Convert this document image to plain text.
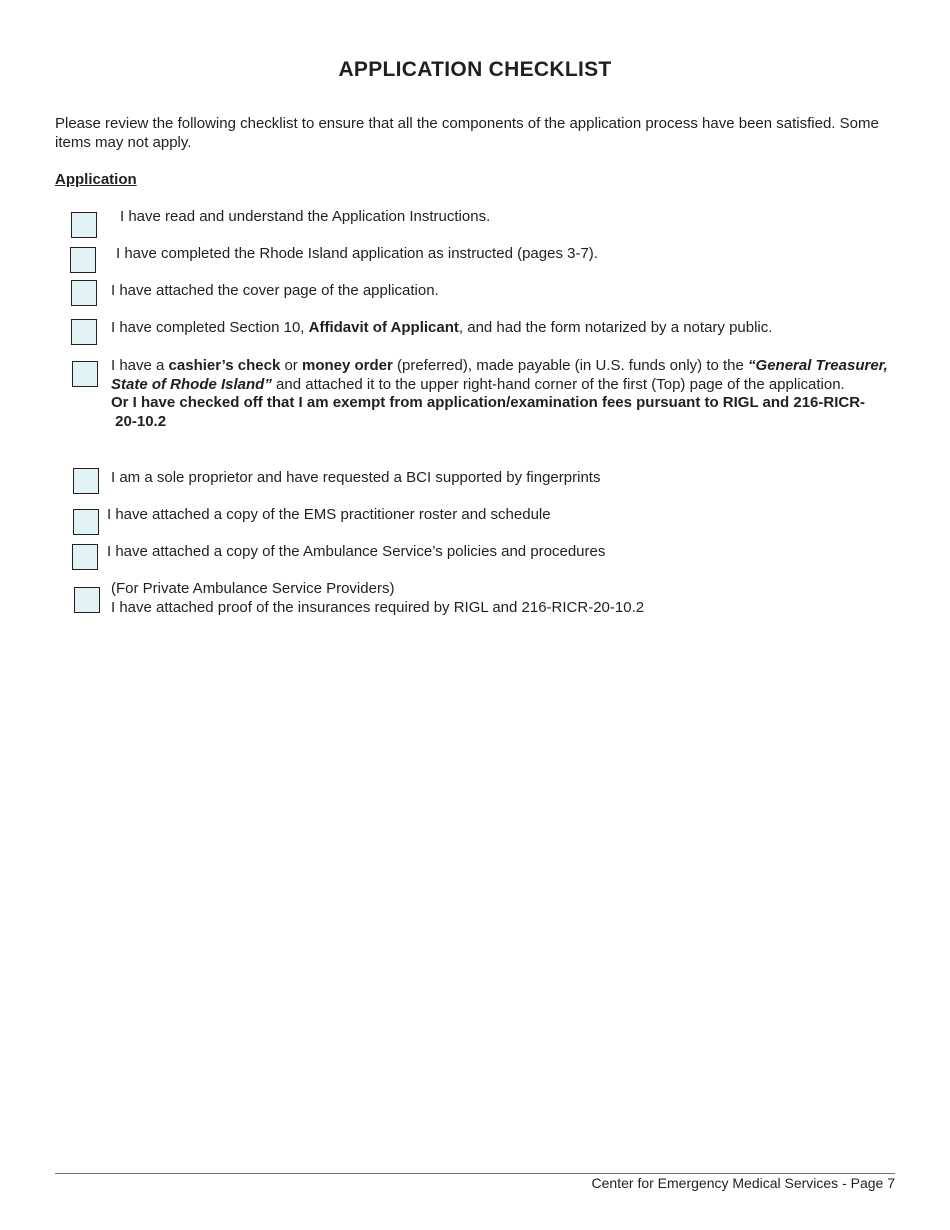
APPLICATION CHECKLIST
Please review the following checklist to ensure that all the components of the application process have been satisfied. Some items may not apply.
Application
I have read and understand the Application Instructions.
I have completed the Rhode Island application as instructed (pages 3-7).
I have attached the cover page of the application.
I have completed Section 10, Affidavit of Applicant, and had the form notarized by a notary public.
I have a cashier’s check or money order (preferred), made payable (in U.S. funds only) to the “General Treasurer,
State of Rhode Island” and attached it to the upper right-hand corner of the first (Top) page of the application.
Or I have checked off that I am exempt from application/examination fees pursuant to RIGL and 216-RICR-
20-10.2
I am a sole proprietor and have requested a BCI supported by fingerprints
I have attached a copy of the EMS practitioner roster and schedule
I have attached a copy of the Ambulance Service’s policies and procedures
(For Private Ambulance Service Providers)
I have attached proof of the insurances required by RIGL and 216-RICR-20-10.2
Center for Emergency Medical Services - Page 7
